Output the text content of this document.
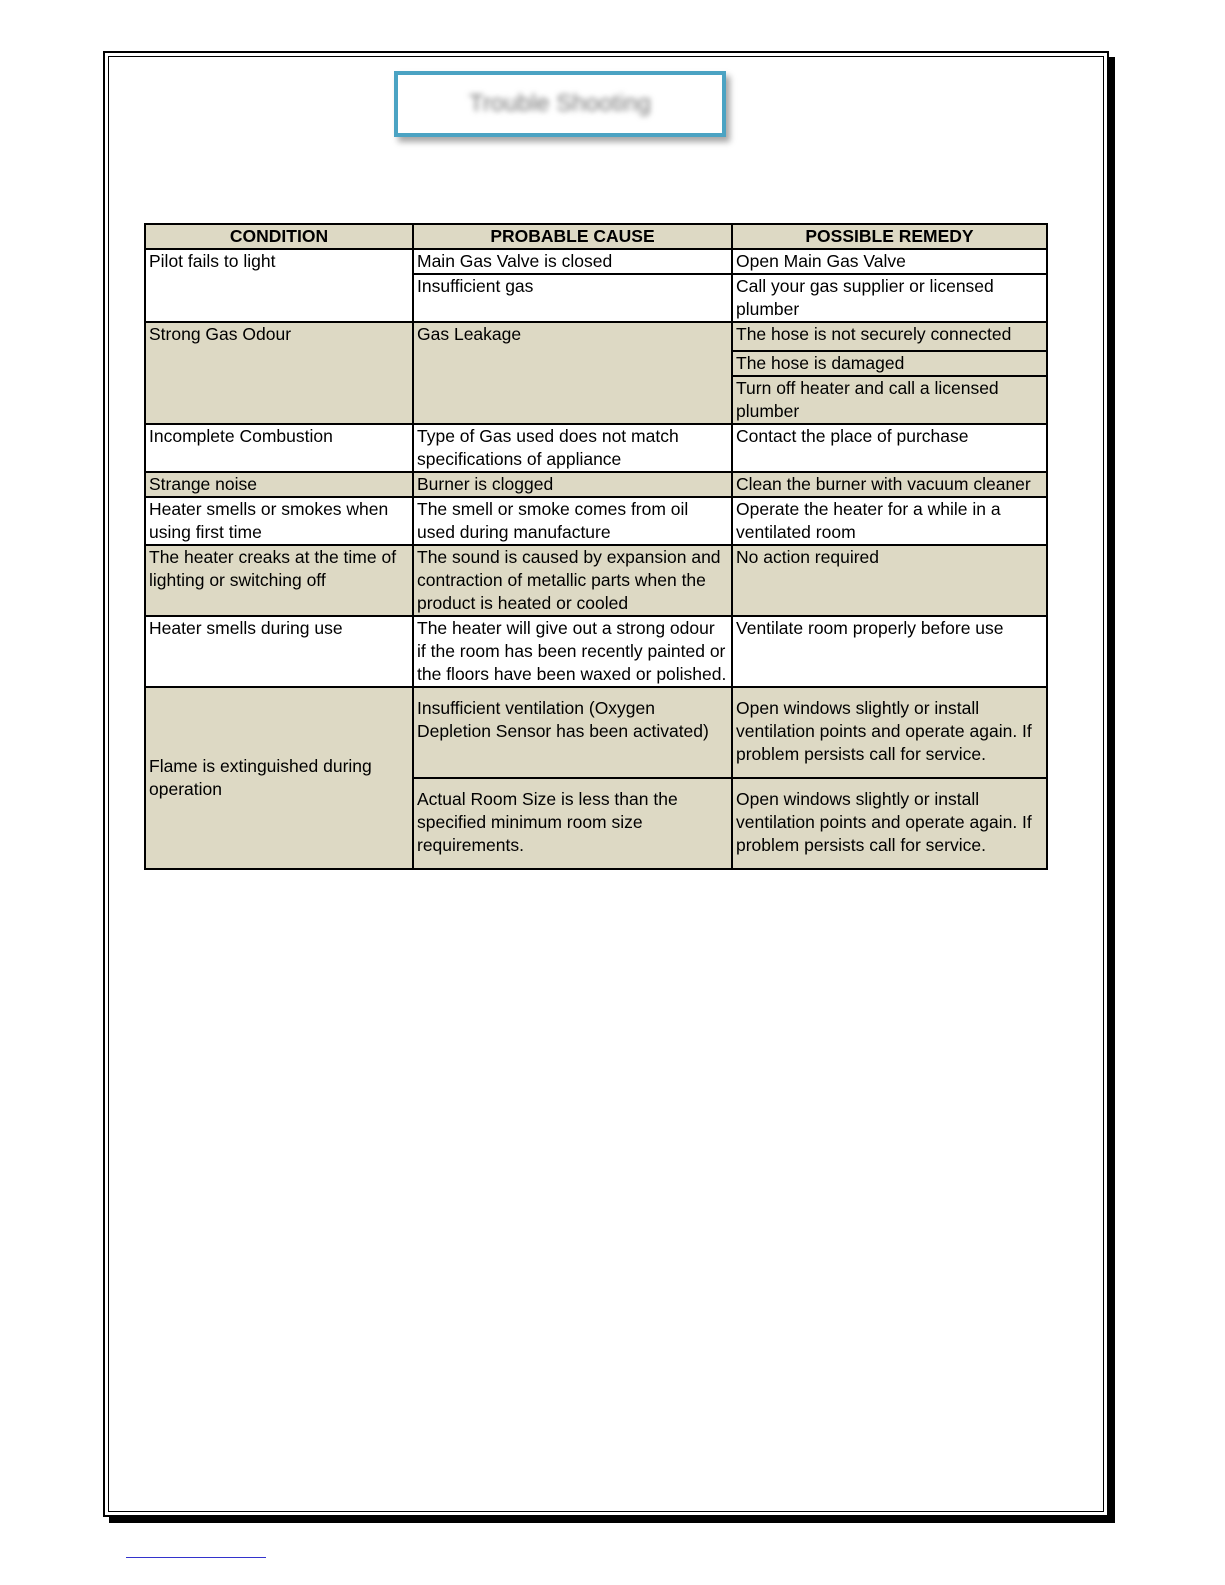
Trouble Shooting
CONDITION	PROBABLE CAUSE	POSSIBLE REMEDY
Pilot fails to light	Main Gas Valve is closed	Open Main Gas Valve
	Insufficient gas	Call your gas supplier or licensed plumber
Strong Gas Odour	Gas Leakage	The hose is not securely connected
		The hose is damaged
		Turn off heater and call a licensed plumber
Incomplete Combustion	Type of Gas used does not match specifications of appliance	Contact the place of purchase
Strange noise	Burner is clogged	Clean the burner with vacuum cleaner
Heater smells or smokes when using first time	The smell or smoke comes from oil used during manufacture	Operate the heater for a while in a ventilated room
The heater creaks at the time of lighting or switching off	The sound is caused by expansion and contraction of metallic parts when the product is heated or cooled	No action required
Heater smells during use	The heater will give out a strong odour if the room has been recently painted or the floors have been waxed or polished.	Ventilate room properly before use
Flame is extinguished during operation	Insufficient ventilation (Oxygen Depletion Sensor has been activated)	Open windows slightly or install ventilation points and operate again. If problem persists call for service.
	Actual Room Size is less than the specified minimum room size requirements.	Open windows slightly or install ventilation points and operate again. If problem persists call for service.
